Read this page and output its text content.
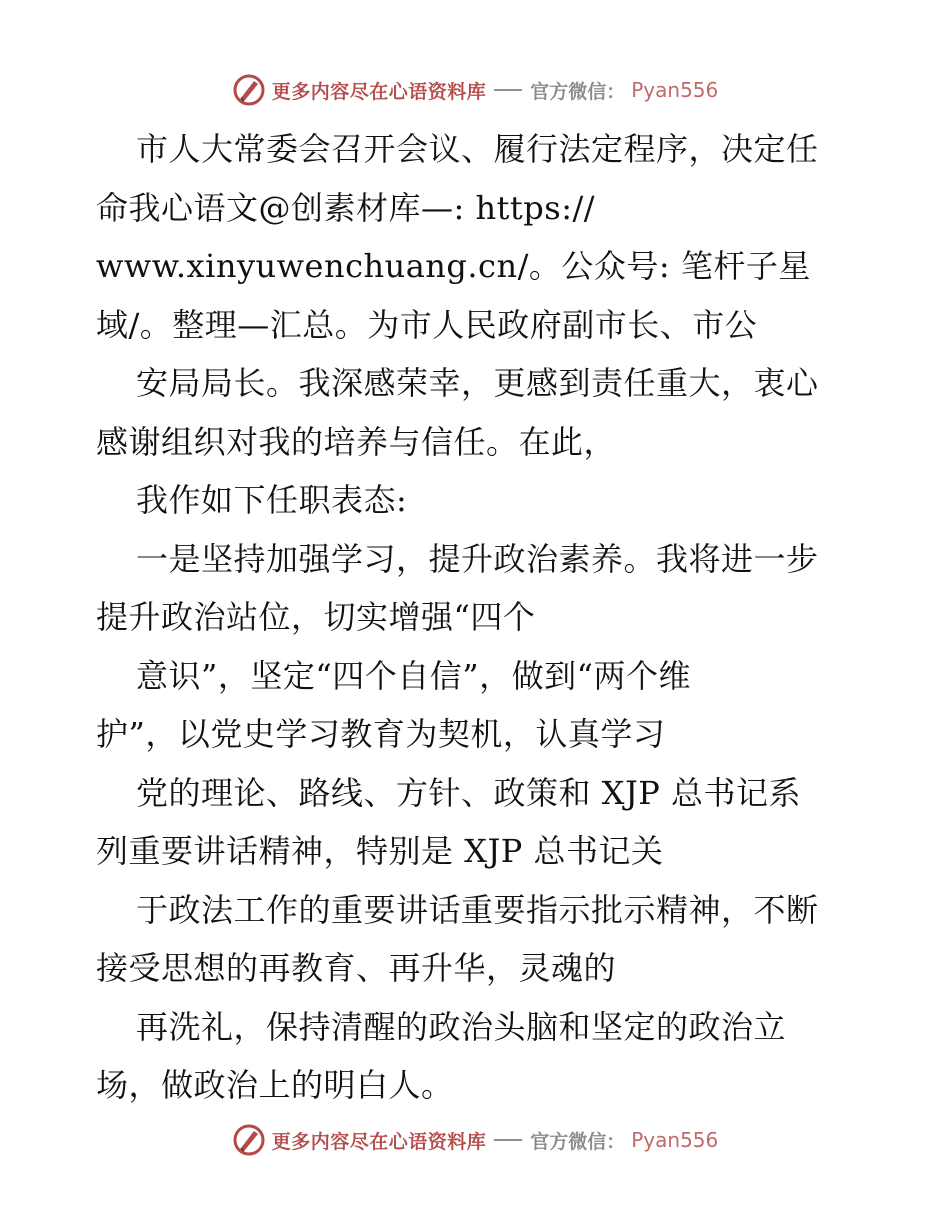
更多内容尽在心语资料库 官方微信： Pyan556
市人大常委会召开会议、履行法定程序，决定任
命我心语文@创素材库—: https://
www.xinyuwenchuang.cn/。公众号: 笔杆子星
域/。整理—汇总。为市人民政府副市长、市公
安局局长。我深感荣幸，更感到责任重大，衷心
感谢组织对我的培养与信任。在此，
我作如下任职表态:
一是坚持加强学习，提升政治素养。我将进一步
提升政治站位，切实增强“四个
意识”，坚定“四个自信”，做到“两个维
护”，以党史学习教育为契机，认真学习
党的理论、路线、方针、政策和 XJP 总书记系
列重要讲话精神，特别是 XJP 总书记关
于政法工作的重要讲话重要指示批示精神，不断
接受思想的再教育、再升华，灵魂的
再洗礼，保持清醒的政治头脑和坚定的政治立
场，做政治上的明白人。
更多内容尽在心语资料库 官方微信： Pyan556
